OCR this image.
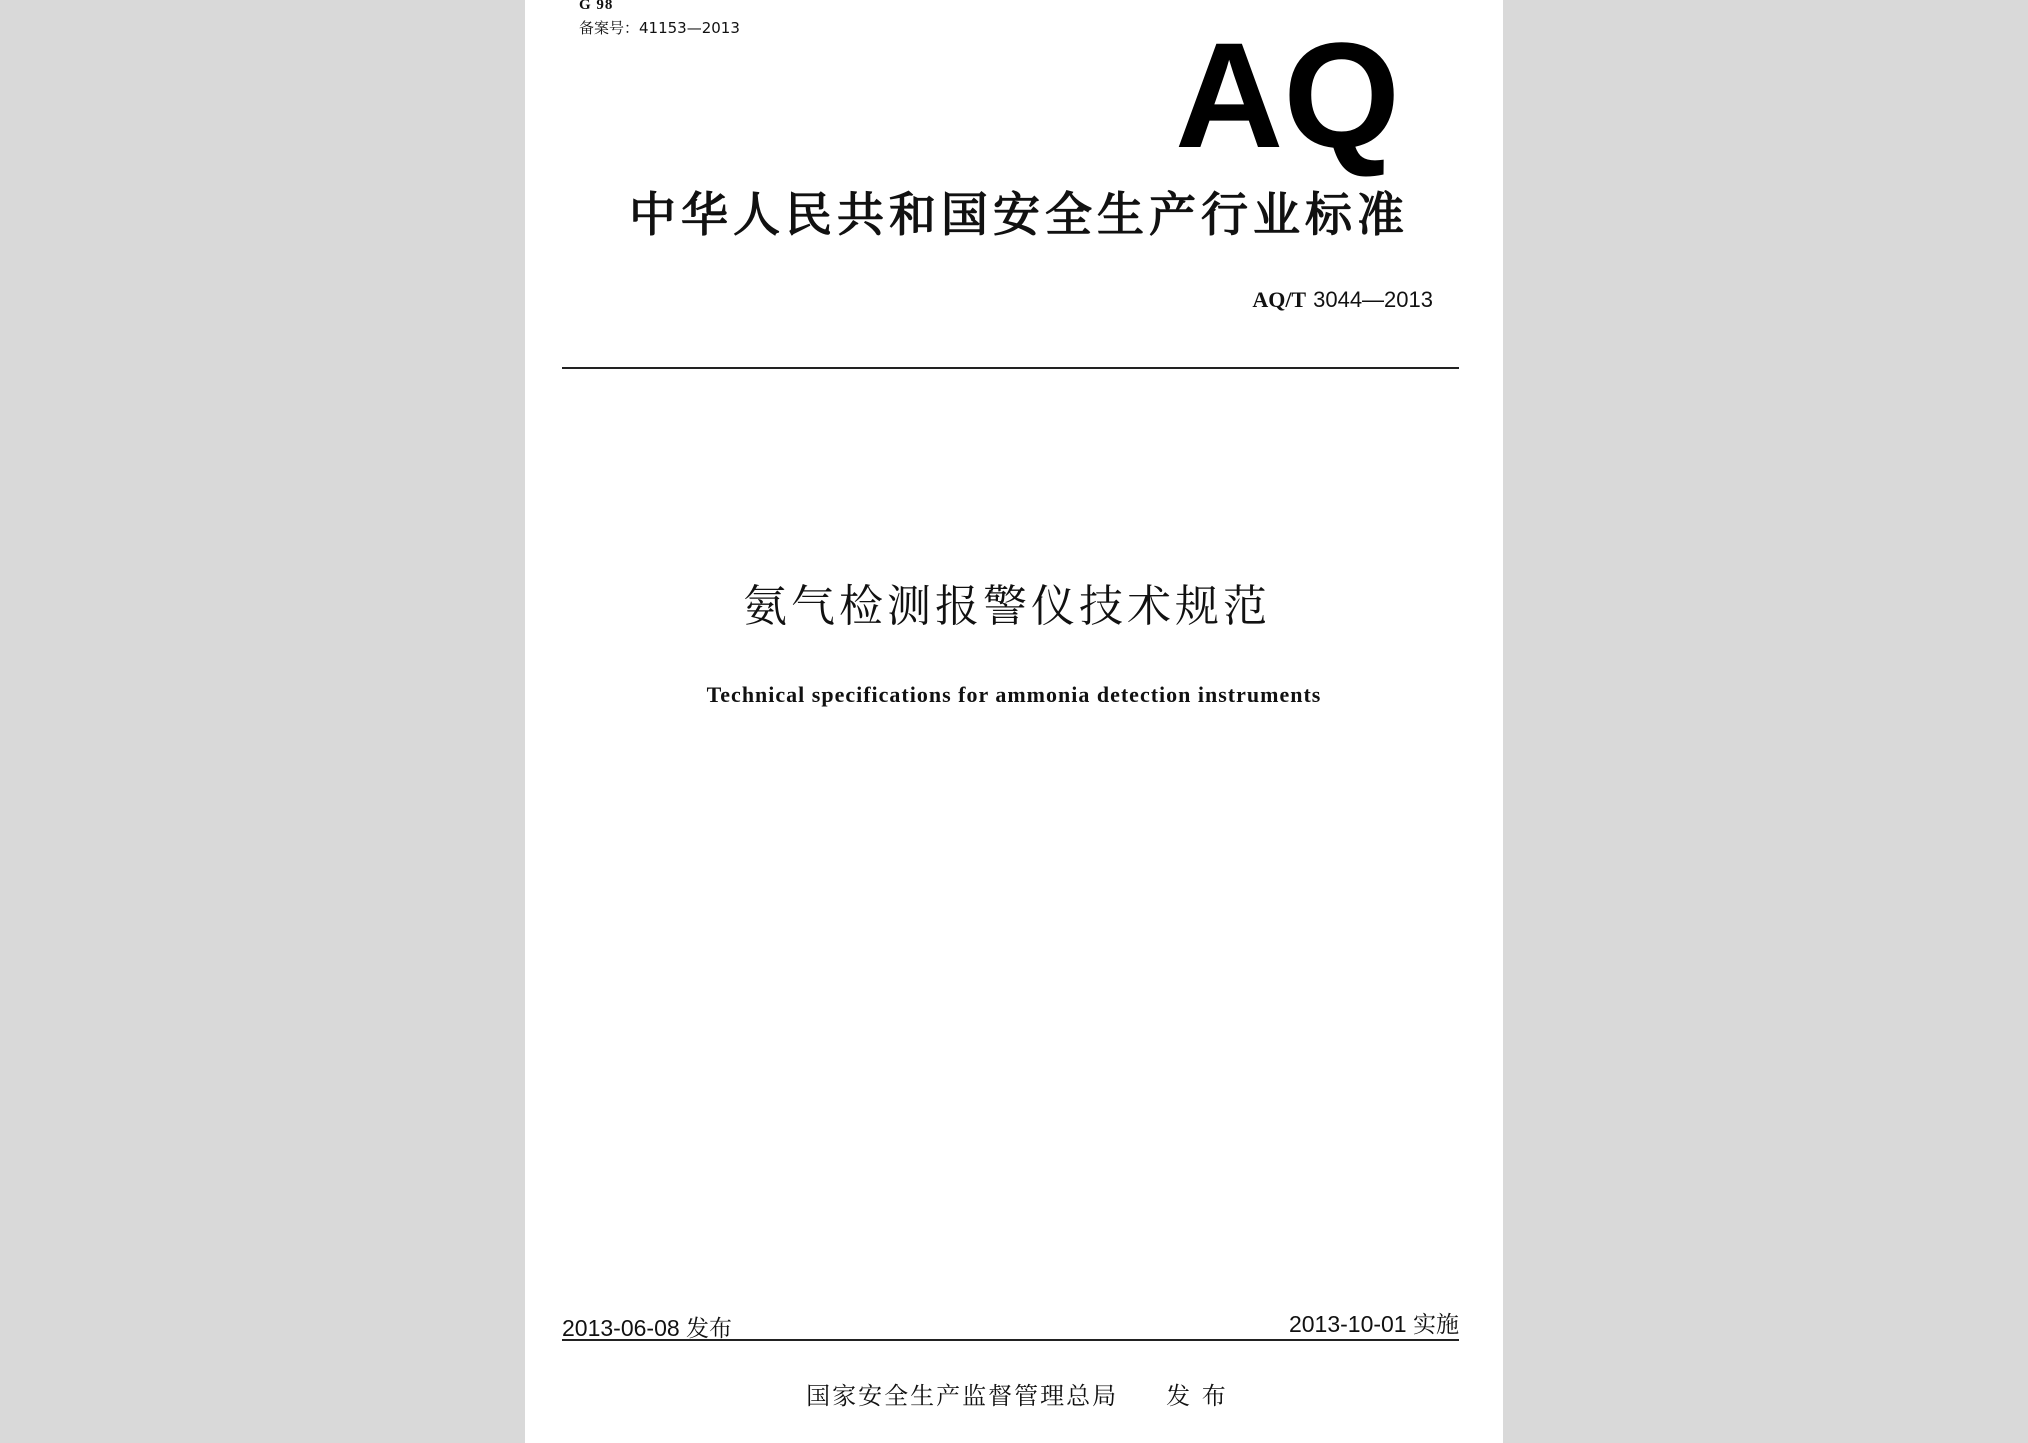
G 98

备案号：41153—2013	AQ
中华人民共和国安全生产行业标准
AQ/T 3044—2013
氨气检测报警仪技术规范
Technical specifications for ammonia detection instruments
2013-06-08 发布	2013-10-01 实施
国家安全生产监督管理总局 发 布
